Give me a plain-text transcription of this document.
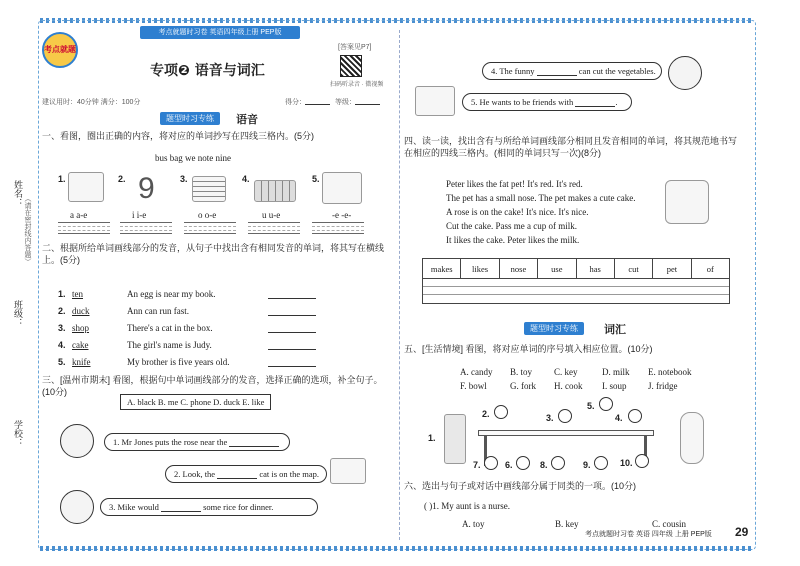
姓名：
（请在密封线内答题）
班级：
学校：
考点就题时习卷 英语四年级上册 PEP版
考点就题	[答案见P7]
专项❷ 语音与词汇
扫码听录音 · 微视频
建议用时：40分钟 满分：100分	得分：	等级：
题型时习专练	语音
一、看图，圈出正确的内容，将对应的单词抄写在四线三格内。(5分)
bus bag we note nine
1.
a a-e
2. 9
i i-e
3.
o o-e
4.
u u-e
5.
-e -e-
二、根据所给单词画线部分的发音，从句子中找出含有相同发音的单词，将其写在横线上。(5分)
1. ten	An egg is near my book.
2. duck	Ann can run fast.
3. shop	There's a cat in the box.
4. cake	The girl's name is Judy.
5. knife	My brother is five years old.
三、[温州市期末] 看图，根据句中单词画线部分的发音，选择正确的选项，补全句子。(10分)
A. black B. me C. phone D. duck E. like
1. Mr Jones puts the rose near the
2. Look, the	cat is on the map.
3. Mike would	some rice for dinner.
4. The funny	can cut the vegetables.
5. He wants to be friends with	.
四、读一读，找出含有与所给单词画线部分相同且发音相同的单词，将其规范地书写在相应的四线三格内。(相同的单词只写一次)(8分)
Peter likes the fat pet! It's red. It's red.
The pet has a small nose. The pet makes a cute cake.
A rose is on the cake! It's nice. It's nice.
Cut the cake. Pass me a cup of milk.
It likes the cake. Peter likes the milk.
makes	likes	nose	use	has	cut	pet	of
题型时习专练	词汇
五、[生活情境] 看图，将对应单词的序号填入相应位置。(10分)
A. candy B. toy C. key	D. milk E. notebook
F. bowl	G. fork H. cook I. soup J. fridge
1.
2.	3.	4.
5.
6.
7.	8.	9.	10.
六、选出与句子或对话中画线部分属于同类的一项。(10分)
( )1. My aunt is a nurse.
A. toy	B. key	C. cousin
考点就题时习卷 英语 四年级 上册 PEP版 29
